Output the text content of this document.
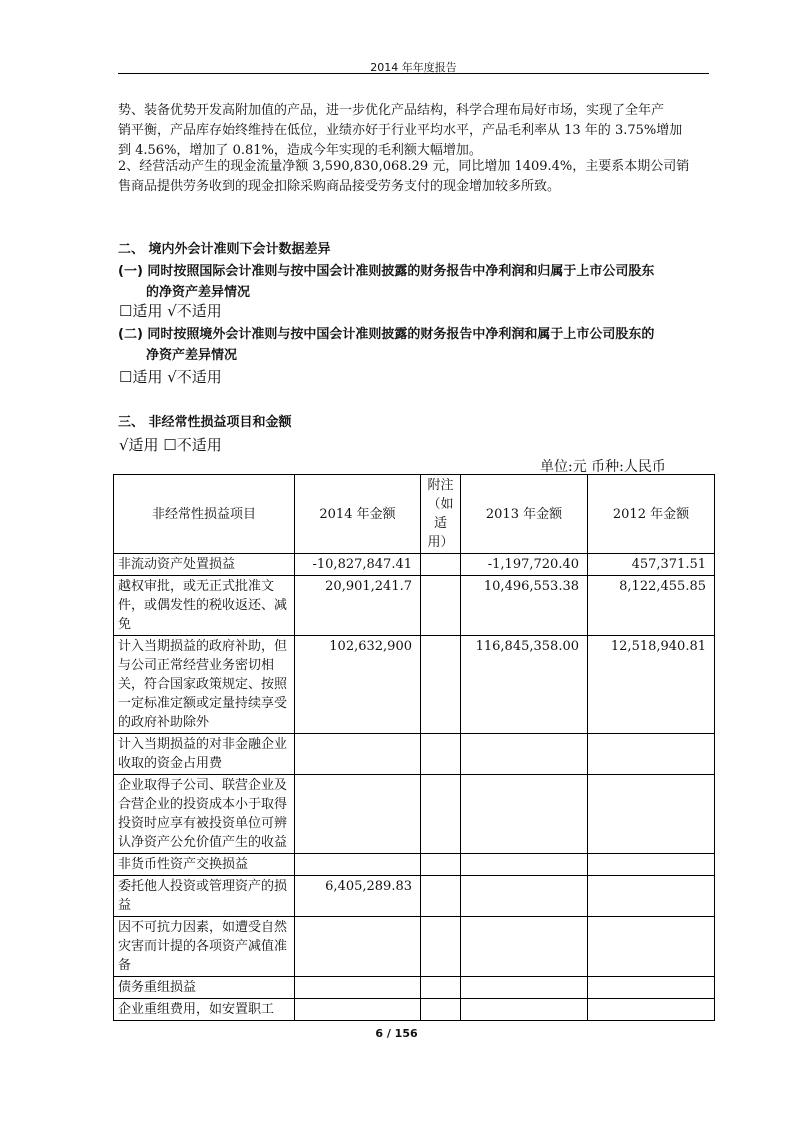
2014 年年度报告
势、装备优势开发高附加值的产品，进一步优化产品结构，科学合理布局好市场，实现了全年产
销平衡，产品库存始终维持在低位，业绩亦好于行业平均水平，产品毛利率从 13 年的 3.75%增加
到 4.56%，增加了 0.81%，造成今年实现的毛利额大幅增加。
2、经营活动产生的现金流量净额 3,590,830,068.29 元，同比增加 1409.4%，主要系本期公司销
售商品提供劳务收到的现金扣除采购商品接受劳务支付的现金增加较多所致。
二、 境内外会计准则下会计数据差异
(一) 同时按照国际会计准则与按中国会计准则披露的财务报告中净利润和归属于上市公司股东
的净资产差异情况
☐适用 √不适用
(二) 同时按照境外会计准则与按中国会计准则披露的财务报告中净利润和属于上市公司股东的
净资产差异情况
☐适用 √不适用
三、 非经常性损益项目和金额
√适用 ☐不适用
单位:元 币种:人民币
非经常性损益项目	2014 年金额	附注（如适用）	2013 年金额	2012 年金额
非流动资产处置损益	-10,827,847.41		-1,197,720.40	457,371.51
越权审批，或无正式批准文件，或偶发性的税收返还、减免	20,901,241.7		10,496,553.38	8,122,455.85
计入当期损益的政府补助，但与公司正常经营业务密切相关，符合国家政策规定、按照一定标准定额或定量持续享受的政府补助除外	102,632,900		116,845,358.00	12,518,940.81
计入当期损益的对非金融企业收取的资金占用费				
企业取得子公司、联营企业及合营企业的投资成本小于取得投资时应享有被投资单位可辨认净资产公允价值产生的收益				
非货币性资产交换损益				
委托他人投资或管理资产的损益	6,405,289.83			
因不可抗力因素，如遭受自然灾害而计提的各项资产减值准备				
债务重组损益				
企业重组费用，如安置职工				
6 / 156
